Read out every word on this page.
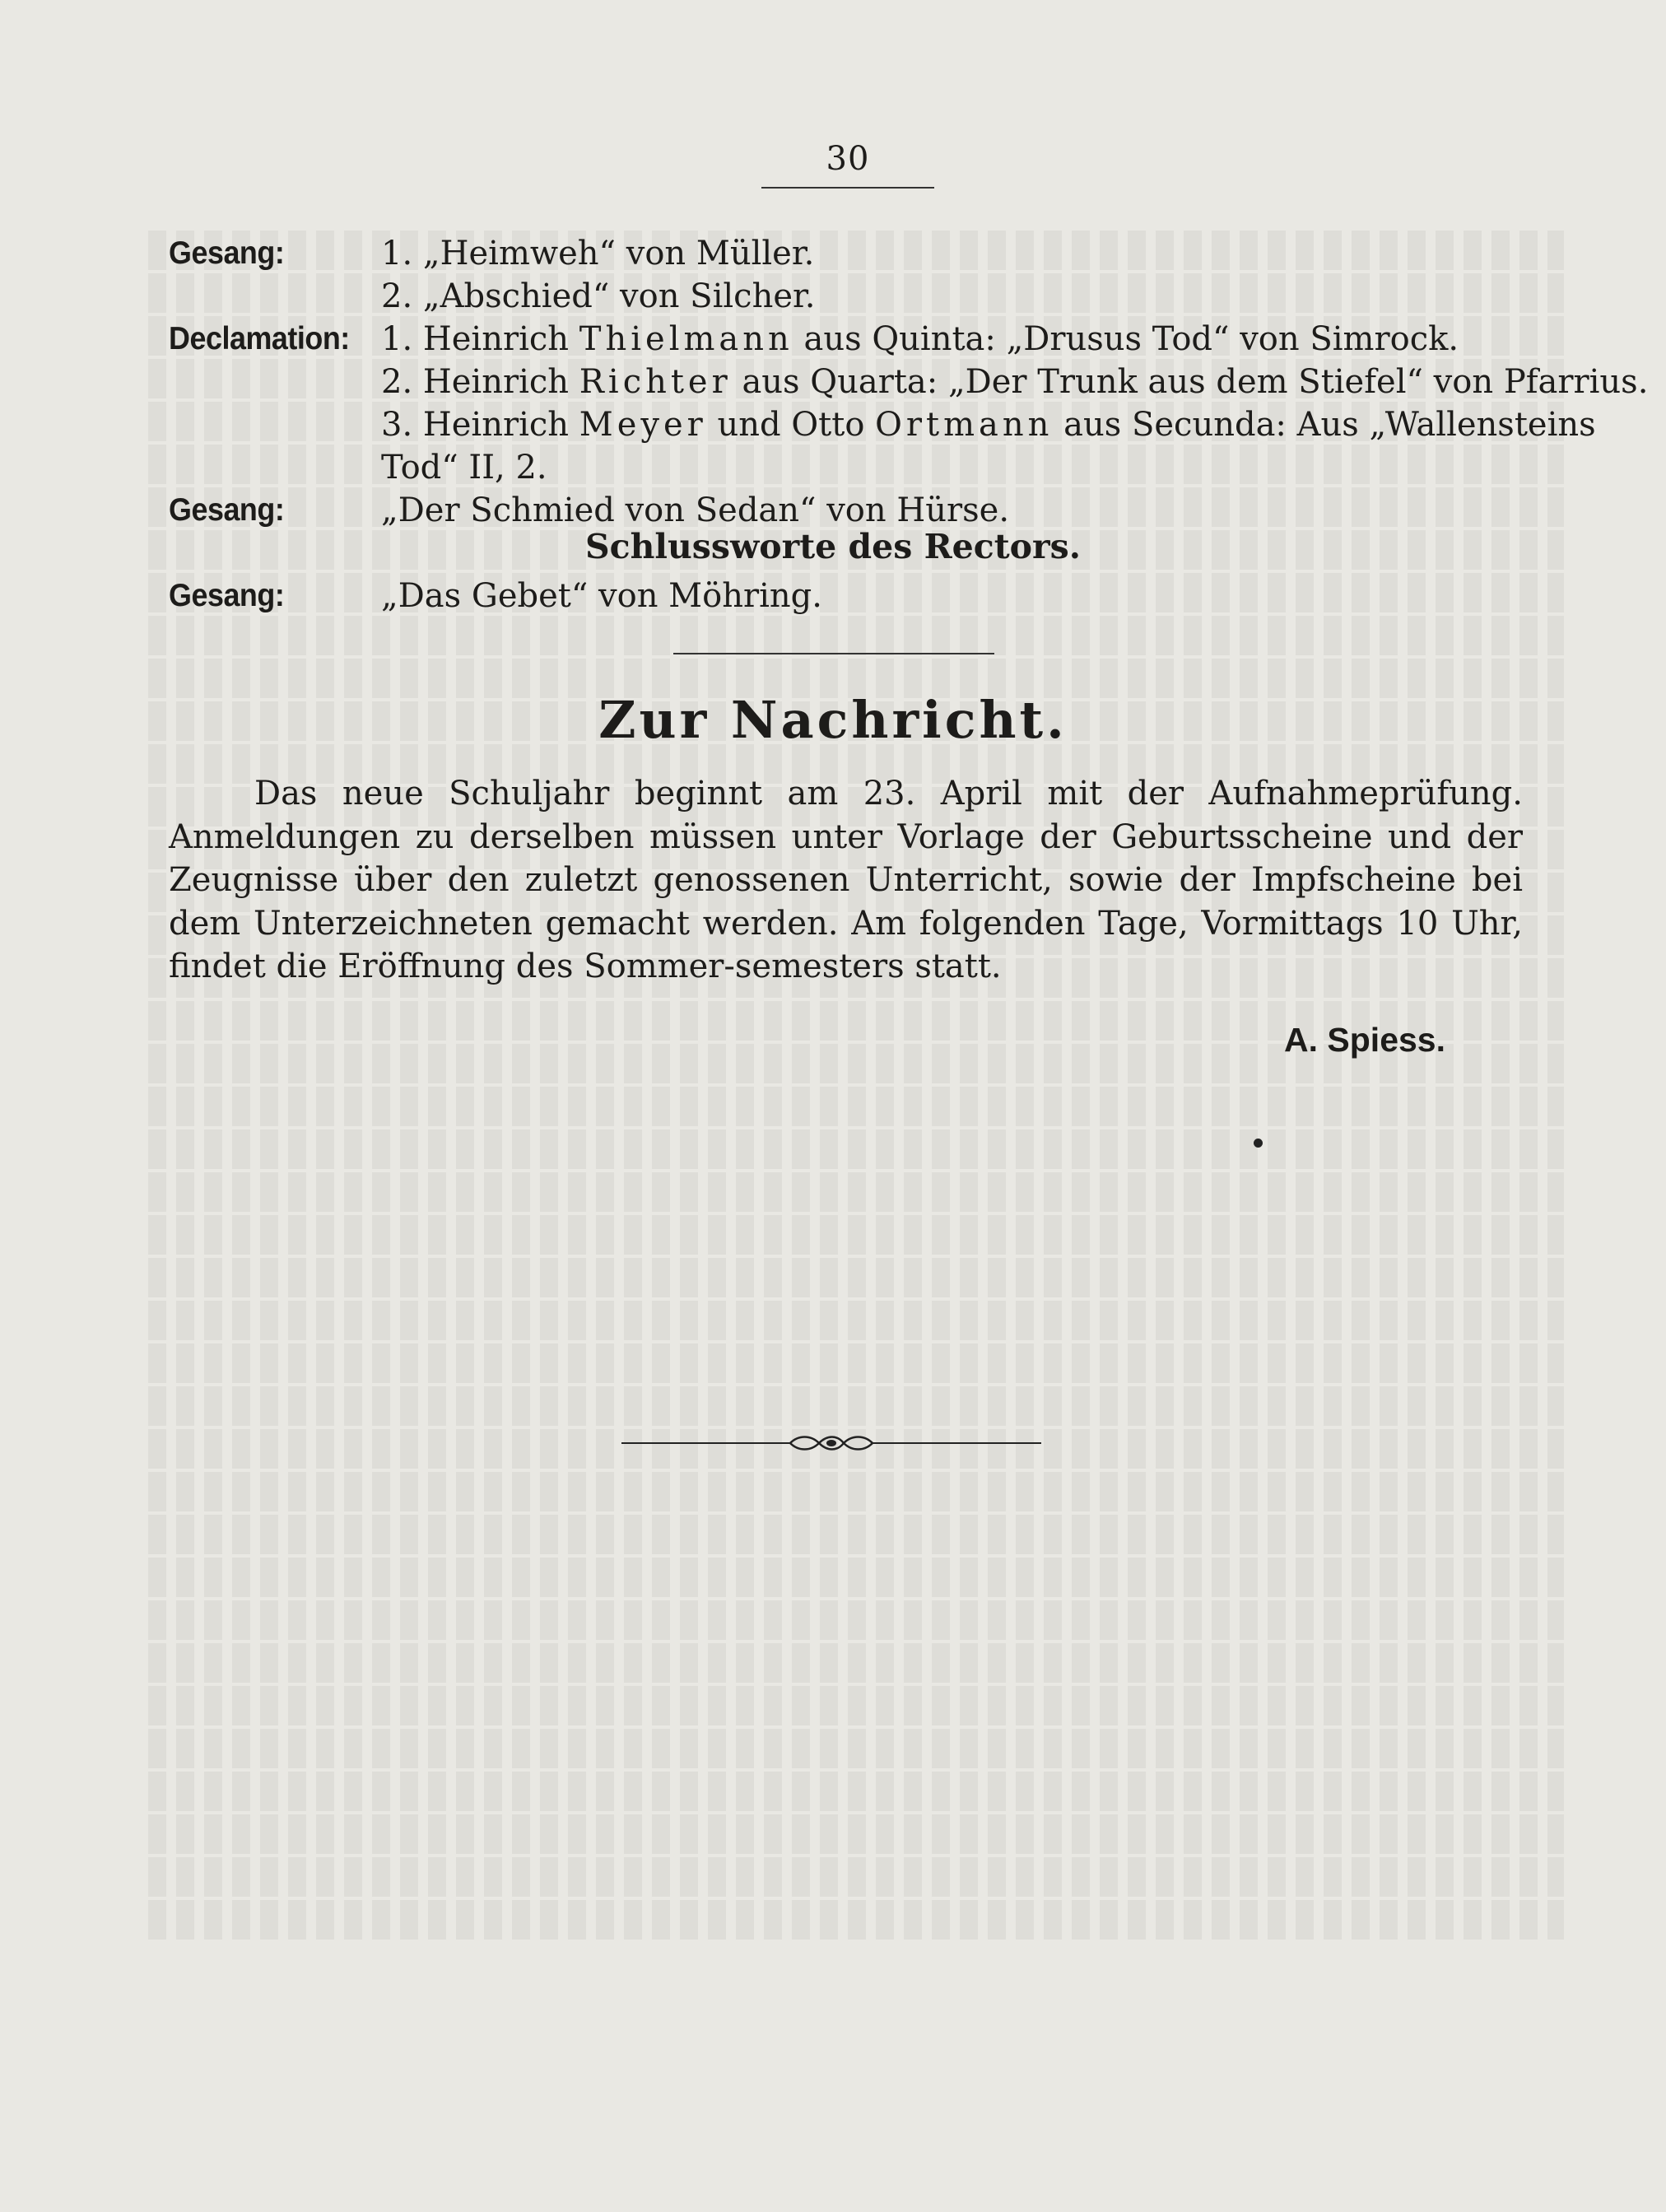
30
Gesang:	1. „Heimweh“ von Müller.
2. „Abschied“ von Silcher.
Declamation: 1. Heinrich Thielmann aus Quinta: „Drusus Tod“ von Simrock.
2. Heinrich Richter aus Quarta: „Der Trunk aus dem Stiefel“ von Pfarrius.
3. Heinrich Meyer und Otto Ortmann aus Secunda: Aus „Wallensteins
Tod“ II, 2.
Gesang:	„Der Schmied von Sedan“ von Hürse.
Schlussworte des Rectors.
Gesang:	„Das Gebet“ von Möhring.
Zur Nachricht.
Das neue Schuljahr beginnt am 23. April mit der Aufnahmeprüfung. Anmeldungen zu derselben müssen unter Vorlage der Geburtsscheine und der Zeugnisse über den zuletzt genossenen Unterricht, sowie der Impfscheine bei dem Unterzeichneten gemacht werden. Am folgenden Tage, Vormittags 10 Uhr, findet die Eröffnung des Sommer-semesters statt.
A. Spiess.
